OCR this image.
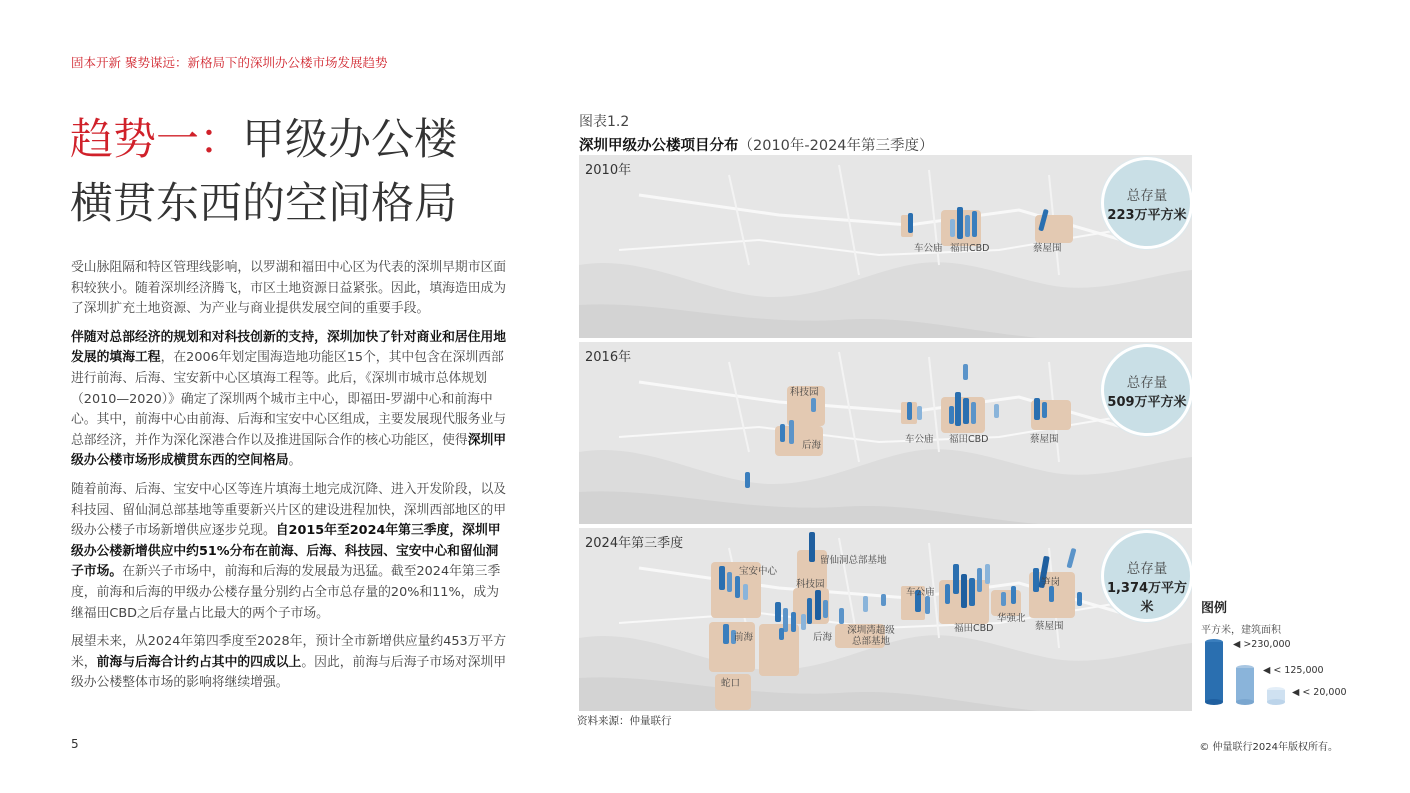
固本开新 聚势谋远：新格局下的深圳办公楼市场发展趋势
趋势一：甲级办公楼
横贯东西的空间格局

受山脉阻隔和特区管理线影响，以罗湖和福田中心区为代表的深圳早期市区面积较狭小。随着深圳经济腾飞，市区土地资源日益紧张。因此，填海造田成为了深圳扩充土地资源、为产业与商业提供发展空间的重要手段。

伴随对总部经济的规划和对科技创新的支持，深圳加快了针对商业和居住用地发展的填海工程，在2006年划定围海造地功能区15个，其中包含在深圳西部进行前海、后海、宝安新中心区填海工程等。此后，《深圳市城市总体规划（2010—2020）》确定了深圳两个城市主中心，即福田-罗湖中心和前海中心。其中，前海中心由前海、后海和宝安中心区组成，主要发展现代服务业与总部经济，并作为深化深港合作以及推进国际合作的核心功能区，使得深圳甲级办公楼市场形成横贯东西的空间格局。

随着前海、后海、宝安中心区等连片填海土地完成沉降、进入开发阶段，以及科技园、留仙洞总部基地等重要新兴片区的建设进程加快，深圳西部地区的甲级办公楼子市场新增供应逐步兑现。自2015年至2024年第三季度，深圳甲级办公楼新增供应中约51%分布在前海、后海、科技园、宝安中心和留仙洞子市场。在新兴子市场中，前海和后海的发展最为迅猛。截至2024年第三季度，前海和后海的甲级办公楼存量分别约占全市总存量的20%和11%，成为继福田CBD之后存量占比最大的两个子市场。

展望未来，从2024年第四季度至2028年，预计全市新增供应量约453万平方米，前海与后海合计约占其中的四成以上。因此，前海与后海子市场对深圳甲级办公楼整体市场的影响将继续增强。

图表1.2
深圳甲级办公楼项目分布（2010年-2024年第三季度）
2010年
总存量
223万平方米
车公庙 福田CBD	蔡屋围
2016年
总存量
509万平方米
科技园
后海
车公庙 福田CBD	蔡屋围
2024年第三季度
总存量
1,374万平方米
宝安中心
留仙洞总部基地
科技园
车公庙
笋岗
前海	后海
深圳湾超级总部基地
福田CBD
华强北
蔡屋围
蛇口
资料来源：仲量联行
图例
平方米，建筑面积
◀ >230,000
◀ < 125,000
◀ < 20,000
5	© 仲量联行2024年版权所有。
